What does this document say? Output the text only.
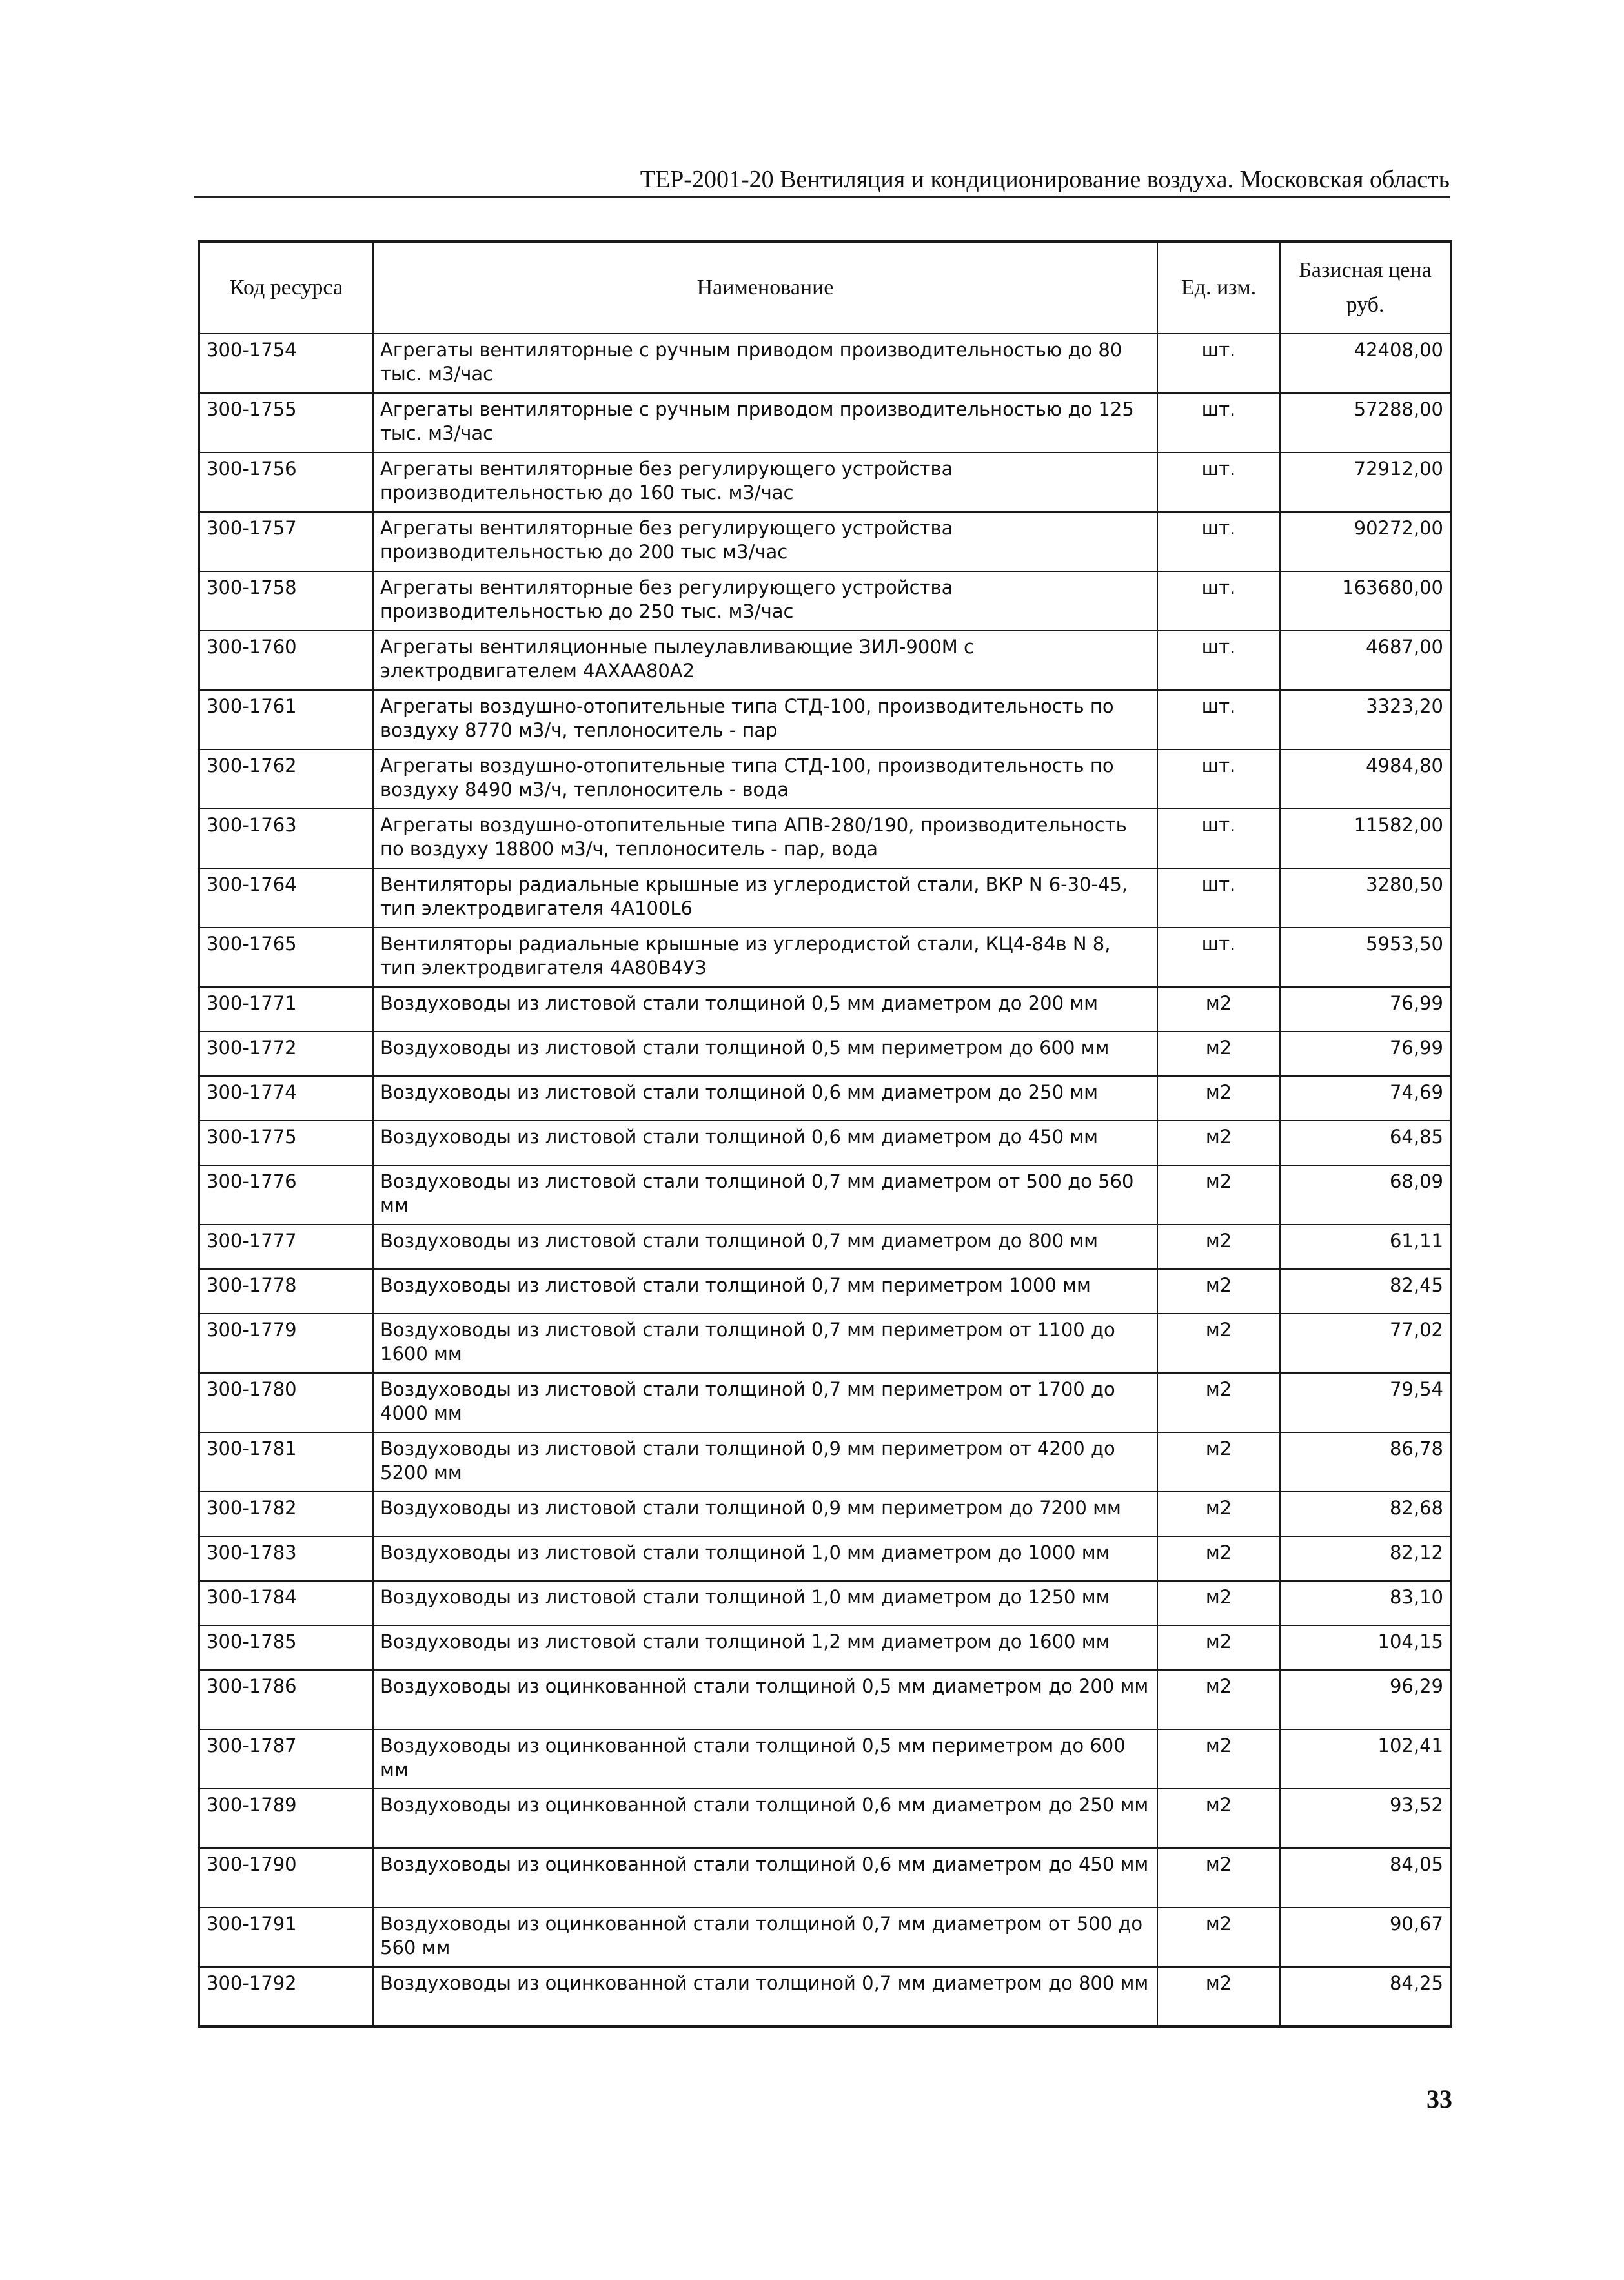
ТЕР-2001-20 Вентиляция и кондиционирование воздуха. Московская область
Код ресурса	Наименование	Ед. изм.	Базисная цена руб.
300-1754	Агрегаты вентиляторные с ручным приводом производительностью до 80 тыс. м3/час	шт.	42408,00
300-1755	Агрегаты вентиляторные с ручным приводом производительностью до 125 тыс. м3/час	шт.	57288,00
300-1756	Агрегаты вентиляторные без регулирующего устройства производительностью до 160 тыс. м3/час	шт.	72912,00
300-1757	Агрегаты вентиляторные без регулирующего устройства производительностью до 200 тыс м3/час	шт.	90272,00
300-1758	Агрегаты вентиляторные без регулирующего устройства производительностью до 250 тыс. м3/час	шт.	163680,00
300-1760	Агрегаты вентиляционные пылеулавливающие ЗИЛ-900М с электродвигателем 4АХАА80А2	шт.	4687,00
300-1761	Агрегаты воздушно-отопительные типа СТД-100, производительность по воздуху 8770 м3/ч, теплоноситель - пар	шт.	3323,20
300-1762	Агрегаты воздушно-отопительные типа СТД-100, производительность по воздуху 8490 м3/ч, теплоноситель - вода	шт.	4984,80
300-1763	Агрегаты воздушно-отопительные типа АПВ-280/190, производительность по воздуху 18800 м3/ч, теплоноситель - пар, вода	шт.	11582,00
300-1764	Вентиляторы радиальные крышные из углеродистой стали, ВКР N 6-30-45, тип электродвигателя 4А100L6	шт.	3280,50
300-1765	Вентиляторы радиальные крышные из углеродистой стали, КЦ4-84в N 8, тип электродвигателя 4А80В4УЗ	шт.	5953,50
300-1771	Воздуховоды из листовой стали толщиной 0,5 мм диаметром до 200 мм	м2	76,99
300-1772	Воздуховоды из листовой стали толщиной 0,5 мм периметром до 600 мм	м2	76,99
300-1774	Воздуховоды из листовой стали толщиной 0,6 мм диаметром до 250 мм	м2	74,69
300-1775	Воздуховоды из листовой стали толщиной 0,6 мм диаметром до 450 мм	м2	64,85
300-1776	Воздуховоды из листовой стали толщиной 0,7 мм диаметром от 500 до 560 мм	м2	68,09
300-1777	Воздуховоды из листовой стали толщиной 0,7 мм диаметром до 800 мм	м2	61,11
300-1778	Воздуховоды из листовой стали толщиной 0,7 мм периметром 1000 мм	м2	82,45
300-1779	Воздуховоды из листовой стали толщиной 0,7 мм периметром от 1100 до 1600 мм	м2	77,02
300-1780	Воздуховоды из листовой стали толщиной 0,7 мм периметром от 1700 до 4000 мм	м2	79,54
300-1781	Воздуховоды из листовой стали толщиной 0,9 мм периметром от 4200 до 5200 мм	м2	86,78
300-1782	Воздуховоды из листовой стали толщиной 0,9 мм периметром до 7200 мм	м2	82,68
300-1783	Воздуховоды из листовой стали толщиной 1,0 мм диаметром до 1000 мм	м2	82,12
300-1784	Воздуховоды из листовой стали толщиной 1,0 мм диаметром до 1250 мм	м2	83,10
300-1785	Воздуховоды из листовой стали толщиной 1,2 мм диаметром до 1600 мм	м2	104,15
300-1786	Воздуховоды из оцинкованной стали толщиной 0,5 мм диаметром до 200 мм	м2	96,29
300-1787	Воздуховоды из оцинкованной стали толщиной 0,5 мм периметром до 600 мм	м2	102,41
300-1789	Воздуховоды из оцинкованной стали толщиной 0,6 мм диаметром до 250 мм	м2	93,52
300-1790	Воздуховоды из оцинкованной стали толщиной 0,6 мм диаметром до 450 мм	м2	84,05
300-1791	Воздуховоды из оцинкованной стали толщиной 0,7 мм диаметром от 500 до 560 мм	м2	90,67
300-1792	Воздуховоды из оцинкованной стали толщиной 0,7 мм диаметром до 800 мм	м2	84,25
33
